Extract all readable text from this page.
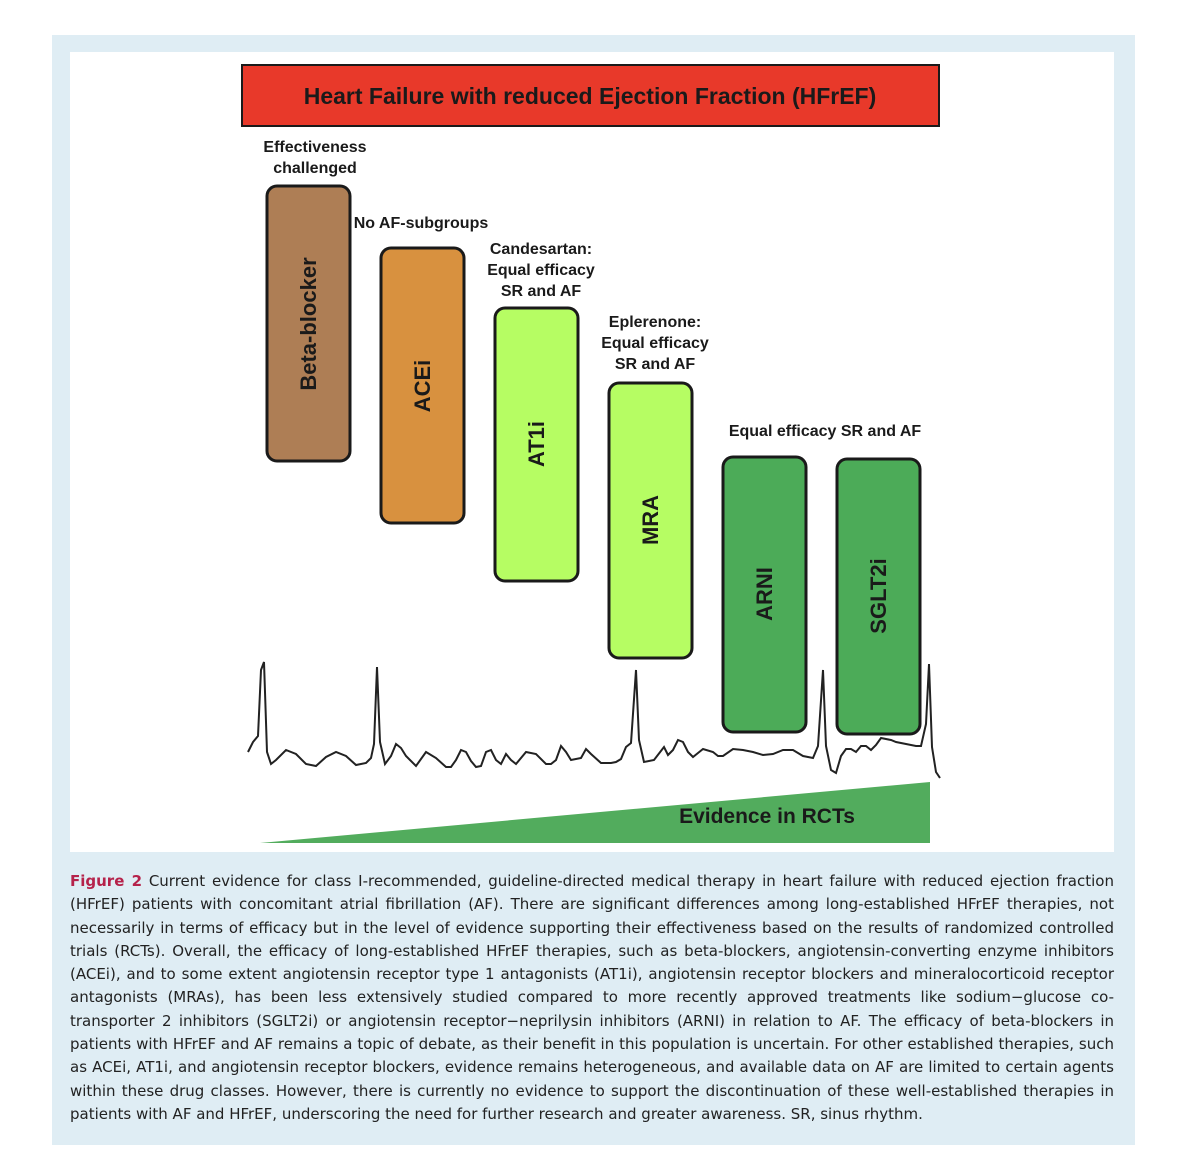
Evidence in RCTs
Heart Failure with reduced Ejection Fraction (HFrEF)
Beta-blocker	ACEi
AT1i
MRA
ARNI	SGLT2i
Effectiveness
challenged
No AF-subgroups
Candesartan:
Equal efficacy
SR and AF
Eplerenone:
Equal efficacy
SR and AF
Equal efficacy SR and AF
Figure 2 Current evidence for class I-recommended, guideline-directed medical therapy in heart failure with reduced ejection fraction (HFrEF) patients with concomitant atrial fibrillation (AF). There are significant differences among long-established HFrEF therapies, not necessarily in terms of efficacy but in the level of evidence supporting their effectiveness based on the results of randomized controlled trials (RCTs). Overall, the efficacy of long-established HFrEF therapies, such as beta-blockers, angiotensin-converting enzyme inhibitors (ACEi), and to some extent angiotensin receptor type 1 antagonists (AT1i), angiotensin receptor blockers and mineralocorticoid receptor antagonists (MRAs), has been less extensively studied compared to more recently approved treatments like sodium−glucose co-transporter 2 inhibitors (SGLT2i) or angiotensin receptor−neprilysin inhibitors (ARNI) in relation to AF. The efficacy of beta-blockers in patients with HFrEF and AF remains a topic of debate, as their benefit in this population is uncertain. For other established therapies, such as ACEi, AT1i, and angiotensin receptor blockers, evidence remains heterogeneous, and available data on AF are limited to certain agents within these drug classes. However, there is currently no evidence to support the discontinuation of these well-established therapies in patients with AF and HFrEF, underscoring the need for further research and greater awareness. SR, sinus rhythm.
